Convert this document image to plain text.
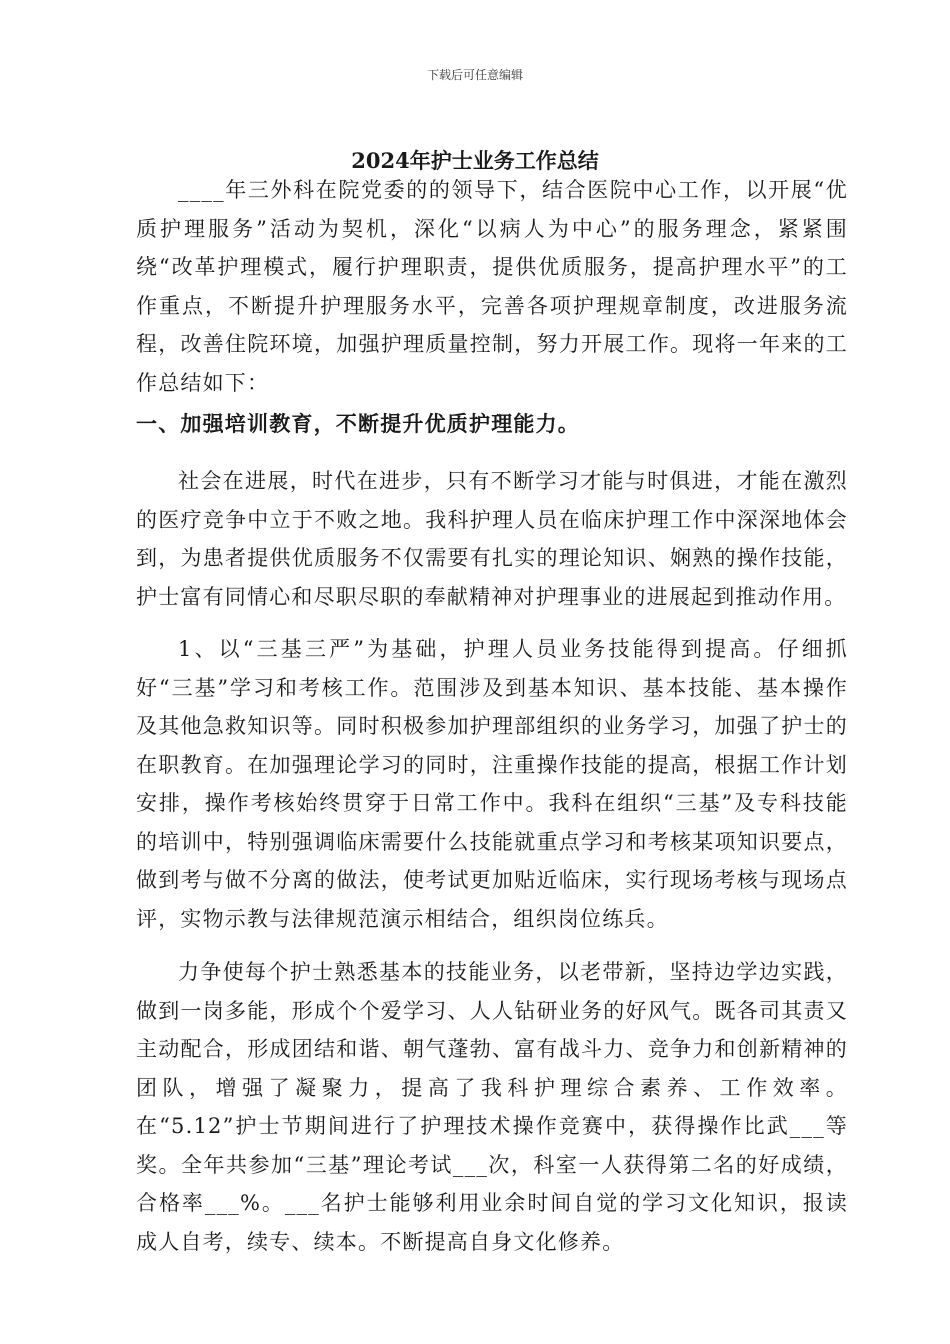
下载后可任意编辑
2024年护士业务工作总结

____年三外科在院党委的的领导下，结合医院中心工作，以开展“优质护理服务”活动为契机，深化“以病人为中心”的服务理念，紧紧围绕“改革护理模式，履行护理职责，提供优质服务，提高护理水平”的工作重点，不断提升护理服务水平，完善各项护理规章制度，改进服务流程，改善住院环境，加强护理质量控制，努力开展工作。现将一年来的工作总结如下：

一、加强培训教育，不断提升优质护理能力。

社会在进展，时代在进步，只有不断学习才能与时俱进，才能在激烈的医疗竞争中立于不败之地。我科护理人员在临床护理工作中深深地体会到，为患者提供优质服务不仅需要有扎实的理论知识、娴熟的操作技能，护士富有同情心和尽职尽职的奉献精神对护理事业的进展起到推动作用。

1、以“三基三严”为基础，护理人员业务技能得到提高。仔细抓好“三基”学习和考核工作。范围涉及到基本知识、基本技能、基本操作及其他急救知识等。同时积极参加护理部组织的业务学习，加强了护士的在职教育。在加强理论学习的同时，注重操作技能的提高，根据工作计划安排，操作考核始终贯穿于日常工作中。我科在组织“三基”及专科技能的培训中，特别强调临床需要什么技能就重点学习和考核某项知识要点，做到考与做不分离的做法，使考试更加贴近临床，实行现场考核与现场点评，实物示教与法律规范演示相结合，组织岗位练兵。

力争使每个护士熟悉基本的技能业务，以老带新，坚持边学边实践，做到一岗多能，形成个个爱学习、人人钻研业务的好风气。既各司其责又主动配合，形成团结和谐、朝气蓬勃、富有战斗力、竞争力和创新精神的团队，增强了凝聚力，提高了我科护理综合素养、工作效率。在“5.12”护士节期间进行了护理技术操作竞赛中，获得操作比武___等奖。全年共参加“三基”理论考试___次，科室一人获得第二名的好成绩，合格率___%。___名护士能够利用业余时间自觉的学习文化知识，报读成人自考，续专、续本。不断提高自身文化修养。
